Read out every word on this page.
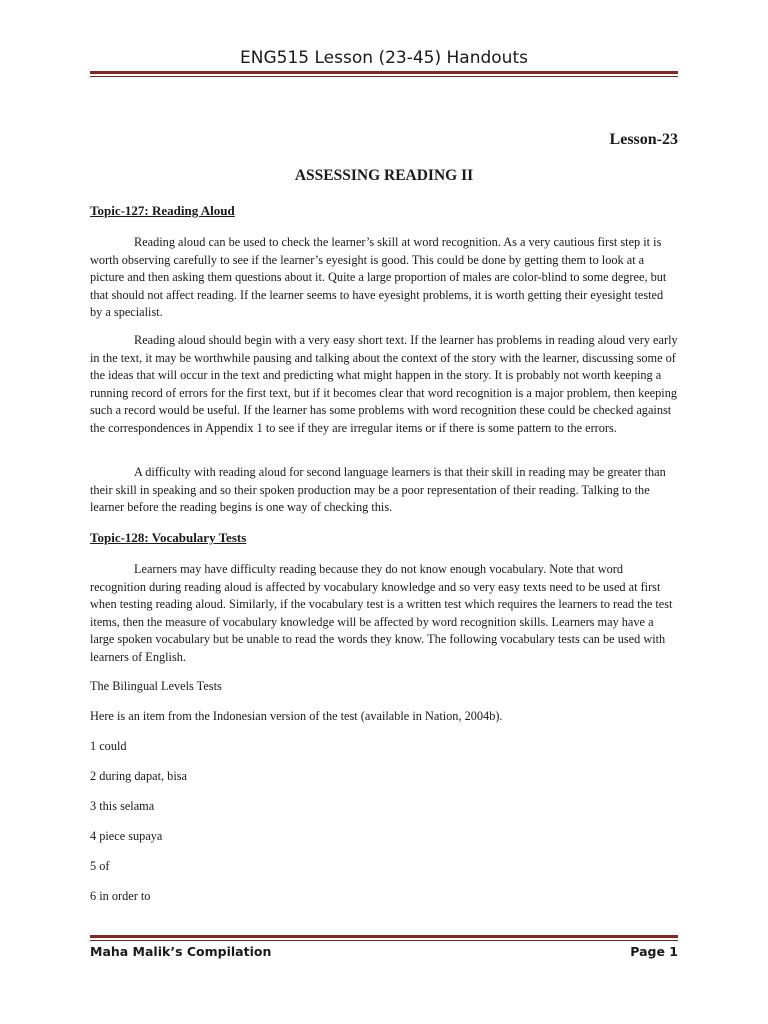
ENG515 Lesson (23-45) Handouts
Lesson-23
ASSESSING READING II
Topic-127: Reading Aloud

Reading aloud can be used to check the learner’s skill at word recognition. As a very cautious first step it is worth observing carefully to see if the learner’s eyesight is good. This could be done by getting them to look at a picture and then asking them questions about it. Quite a large proportion of males are color-blind to some degree, but that should not affect reading. If the learner seems to have eyesight problems, it is worth getting their eyesight tested by a specialist.

Reading aloud should begin with a very easy short text. If the learner has problems in reading aloud very early in the text, it may be worthwhile pausing and talking about the context of the story with the learner, discussing some of the ideas that will occur in the text and predicting what might happen in the story. It is probably not worth keeping a running record of errors for the first text, but if it becomes clear that word recognition is a major problem, then keeping such a record would be useful. If the learner has some problems with word recognition these could be checked against the correspondences in Appendix 1 to see if they are irregular items or if there is some pattern to the errors.

A difficulty with reading aloud for second language learners is that their skill in reading may be greater than their skill in speaking and so their spoken production may be a poor representation of their reading. Talking to the learner before the reading begins is one way of checking this.

Topic-128: Vocabulary Tests

Learners may have difficulty reading because they do not know enough vocabulary. Note that word recognition during reading aloud is affected by vocabulary knowledge and so very easy texts need to be used at first when testing reading aloud. Similarly, if the vocabulary test is a written test which requires the learners to read the test items, then the measure of vocabulary knowledge will be affected by word recognition skills. Learners may have a large spoken vocabulary but be unable to read the words they know. The following vocabulary tests can be used with learners of English.

The Bilingual Levels Tests
Here is an item from the Indonesian version of the test (available in Nation, 2004b).
1 could
2 during dapat, bisa
3 this selama
4 piece supaya
5 of
6 in order to
Maha Malik’s Compilation	Page 1
